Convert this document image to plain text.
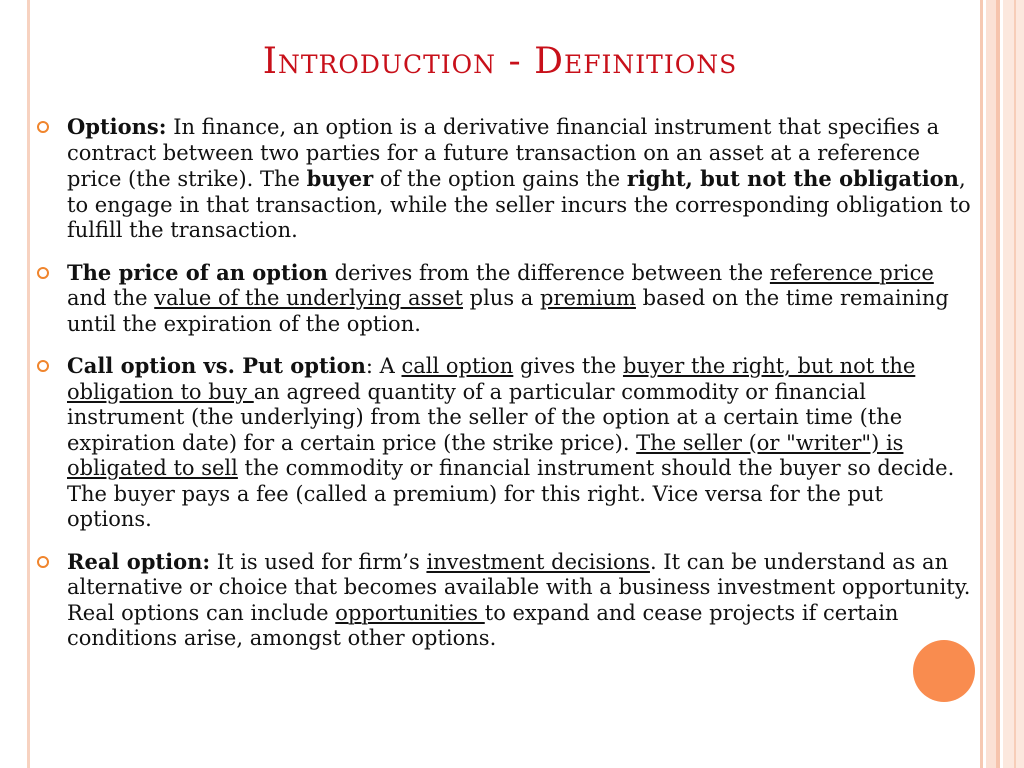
Introduction - Definitions
Options: In finance, an option is a derivative financial instrument that specifies a contract between two parties for a future transaction on an asset at a reference price (the strike). The buyer of the option gains the right, but not the obligation, to engage in that transaction, while the seller incurs the corresponding obligation to fulfill the transaction.
The price of an option derives from the difference between the reference price and the value of the underlying asset plus a premium based on the time remaining until the expiration of the option.
Call option vs. Put option: A call option gives the buyer the right, but not the obligation to buy an agreed quantity of a particular commodity or financial instrument (the underlying) from the seller of the option at a certain time (the expiration date) for a certain price (the strike price). The seller (or "writer") is obligated to sell the commodity or financial instrument should the buyer so decide. The buyer pays a fee (called a premium) for this right. Vice versa for the put options.
Real option: It is used for firm’s investment decisions. It can be understand as an alternative or choice that becomes available with a business investment opportunity. Real options can include opportunities to expand and cease projects if certain conditions arise, amongst other options.
